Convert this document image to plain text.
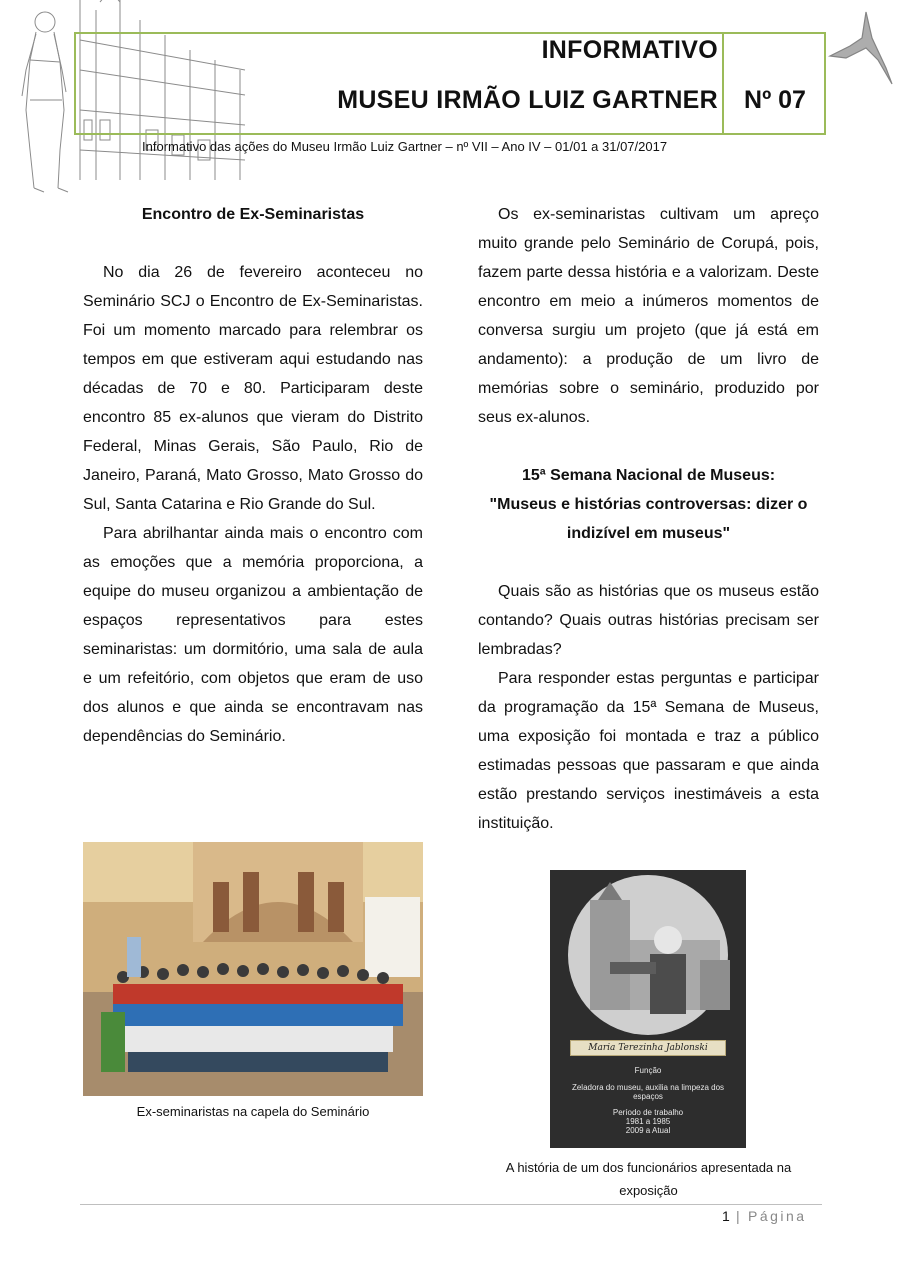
INFORMATIVO
MUSEU IRMÃO LUIZ GARTNER	Nº 07
Informativo das ações do Museu Irmão Luiz Gartner – nº VII – Ano IV – 01/01 a 31/07/2017
Encontro de Ex-Seminaristas

No dia 26 de fevereiro aconteceu no Seminário SCJ o Encontro de Ex-Seminaristas. Foi um momento marcado para relembrar os tempos em que estiveram aqui estudando nas décadas de 70 e 80. Participaram deste encontro 85 ex-alunos que vieram do Distrito Federal, Minas Gerais, São Paulo, Rio de Janeiro, Paraná, Mato Grosso, Mato Grosso do Sul, Santa Catarina e Rio Grande do Sul.

Para abrilhantar ainda mais o encontro com as emoções que a memória proporciona, a equipe do museu organizou a ambientação de espaços representativos para estes seminaristas: um dormitório, uma sala de aula e um refeitório, com objetos que eram de uso dos alunos e que ainda se encontravam nas dependências do Seminário.

Ex-seminaristas na capela do Seminário

Os ex-seminaristas cultivam um apreço muito grande pelo Seminário de Corupá, pois, fazem parte dessa história e a valorizam. Deste encontro em meio a inúmeros momentos de conversa surgiu um projeto (que já está em andamento): a produção de um livro de memórias sobre o seminário, produzido por seus ex-alunos.

15ª Semana Nacional de Museus:
"Museus e histórias controversas: dizer o indizível em museus"

Quais são as histórias que os museus estão contando? Quais outras histórias precisam ser lembradas?

Para responder estas perguntas e participar da programação da 15ª Semana de Museus, uma exposição foi montada e traz a público estimadas pessoas que passaram e que ainda estão prestando serviços inestimáveis a esta instituição.

Maria Terezinha Jablonski
Função
Zeladora do museu, auxilia na limpeza dos espaços
Período de trabalho
1981 a 1985
2009 a Atual
A história de um dos funcionários apresentada na exposição
1 | Página
